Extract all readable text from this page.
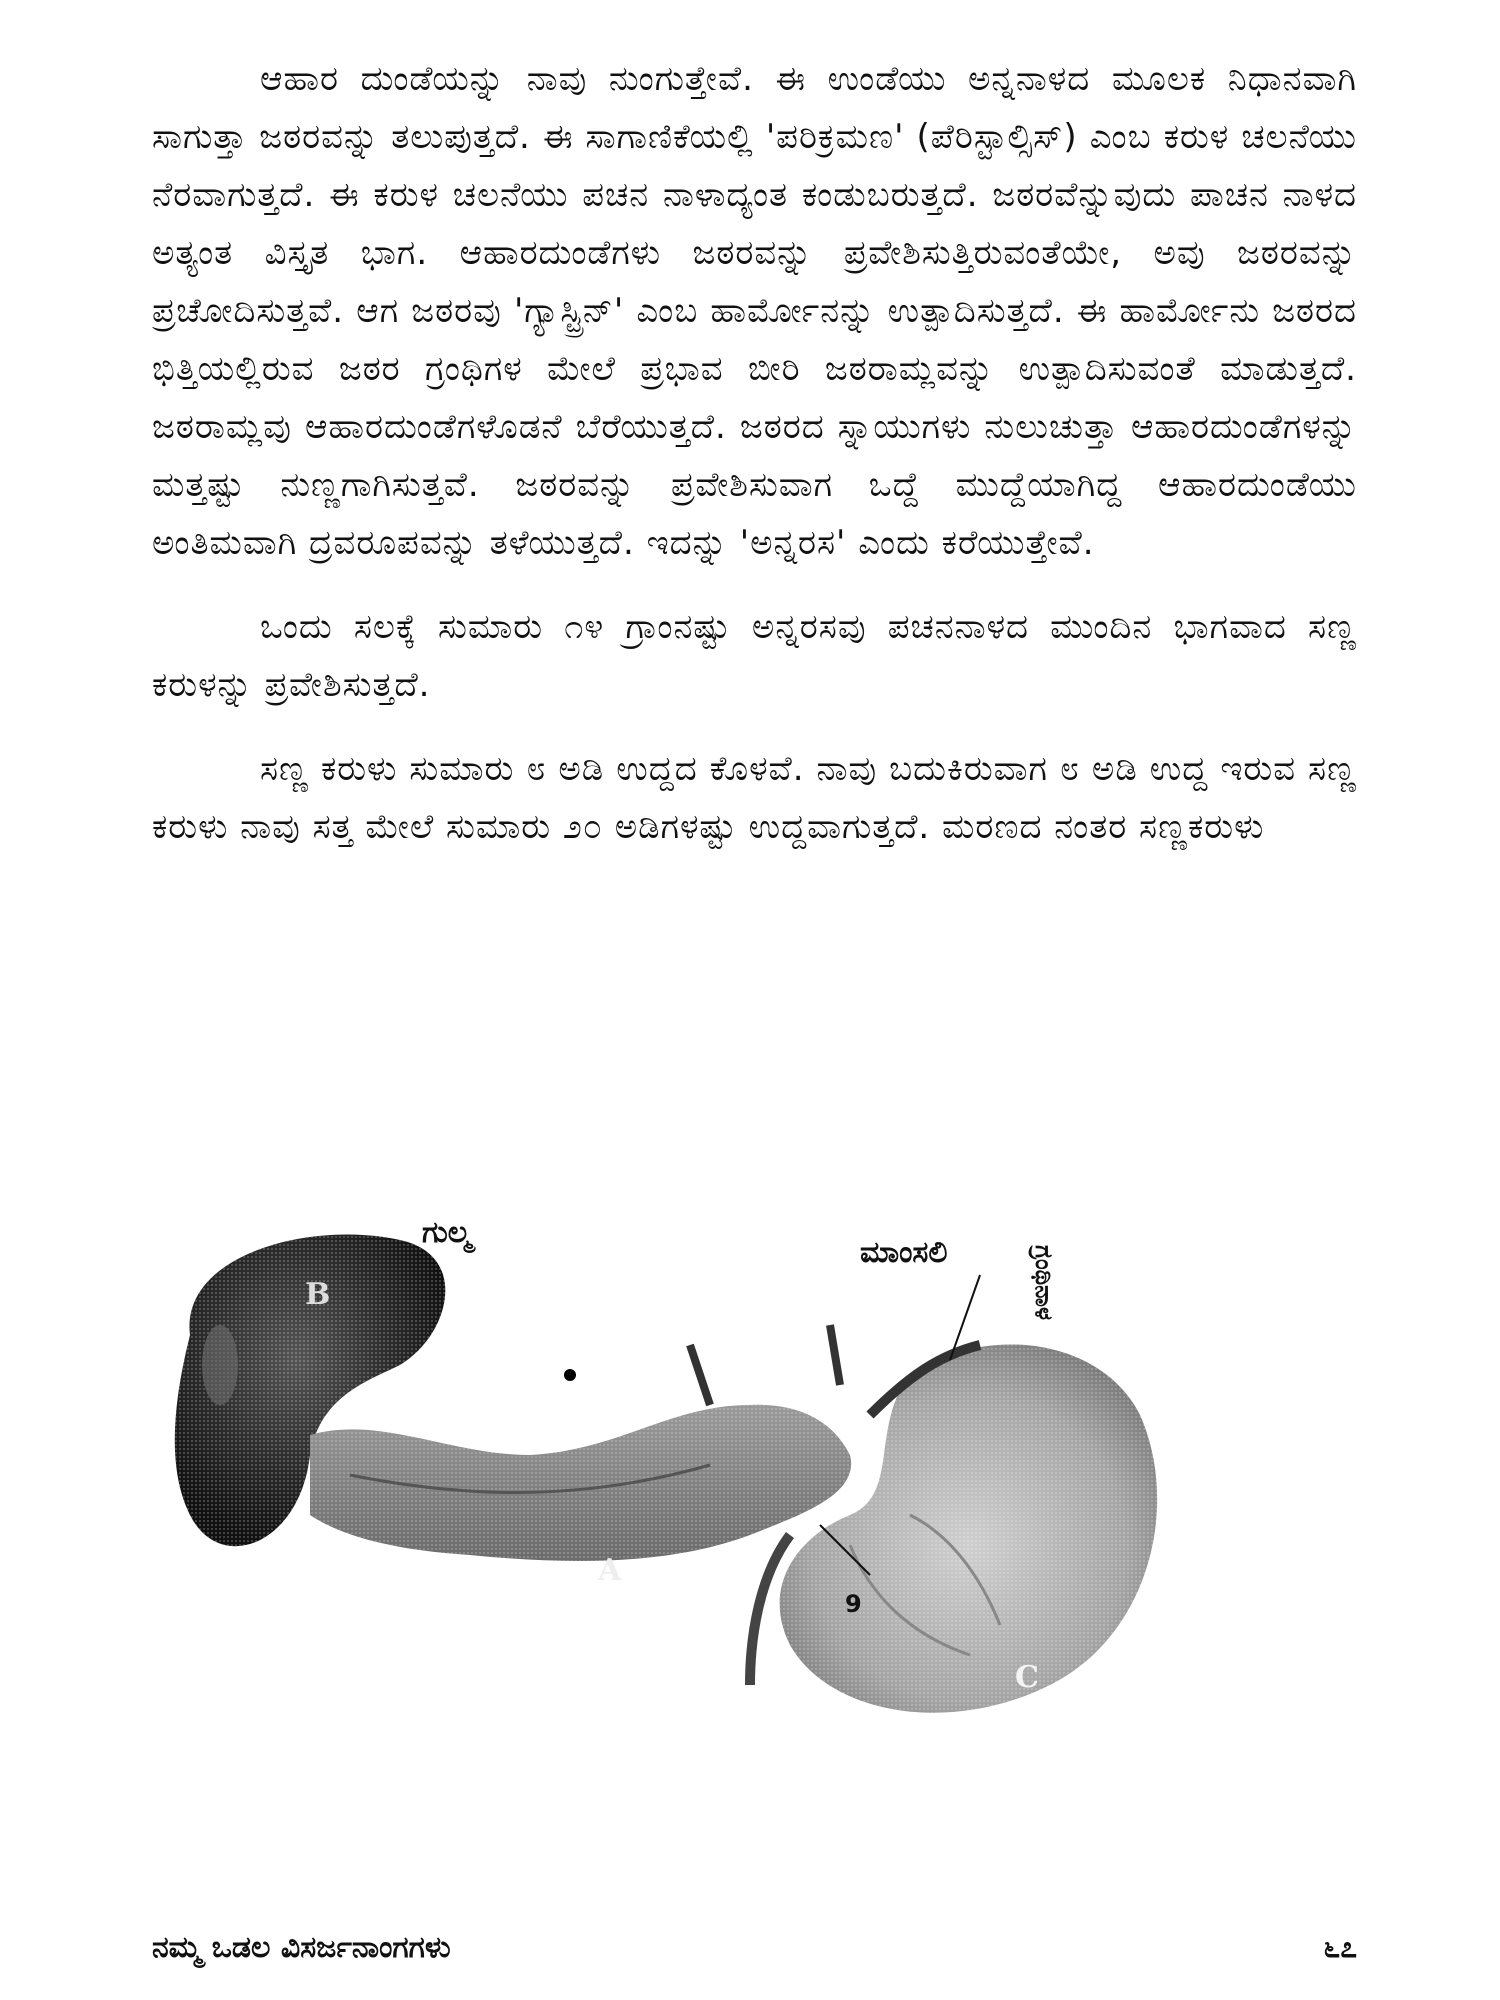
ಆಹಾರ ದುಂಡೆಯನ್ನು ನಾವು ನುಂಗುತ್ತೇವೆ. ಈ ಉಂಡೆಯು ಅನ್ನನಾಳದ ಮೂಲಕ ನಿಧಾನವಾಗಿ ಸಾಗುತ್ತಾ ಜಠರವನ್ನು ತಲುಪುತ್ತದೆ. ಈ ಸಾಗಾಣಿಕೆಯಲ್ಲಿ 'ಪರಿಕ್ರಮಣ' (ಪೆರಿಸ್ಟಾಲ್ಸಿಸ್) ಎಂಬ ಕರುಳ ಚಲನೆಯು ನೆರವಾಗುತ್ತದೆ. ಈ ಕರುಳ ಚಲನೆಯು ಪಚನ ನಾಳಾದ್ಯಂತ ಕಂಡುಬರುತ್ತದೆ. ಜಠರವೆನ್ನುವುದು ಪಾಚನ ನಾಳದ ಅತ್ಯಂತ ವಿಸ್ತೃತ ಭಾಗ. ಆಹಾರದುಂಡೆಗಳು ಜಠರವನ್ನು ಪ್ರವೇಶಿಸುತ್ತಿರುವಂತೆಯೇ, ಅವು ಜಠರವನ್ನು ಪ್ರಚೋದಿಸುತ್ತವೆ. ಆಗ ಜಠರವು 'ಗ್ಯಾಸ್ಟ್ರಿನ್' ಎಂಬ ಹಾರ್ಮೋನನ್ನು ಉತ್ಪಾದಿಸುತ್ತದೆ. ಈ ಹಾರ್ಮೋನು ಜಠರದ ಭಿತ್ತಿಯಲ್ಲಿರುವ ಜಠರ ಗ್ರಂಥಿಗಳ ಮೇಲೆ ಪ್ರಭಾವ ಬೀರಿ ಜಠರಾಮ್ಲವನ್ನು ಉತ್ಪಾದಿಸುವಂತೆ ಮಾಡುತ್ತದೆ. ಜಠರಾಮ್ಲವು ಆಹಾರದುಂಡೆಗಳೊಡನೆ ಬೆರೆಯುತ್ತದೆ. ಜಠರದ ಸ್ನಾಯುಗಳು ನುಲುಚುತ್ತಾ ಆಹಾರದುಂಡೆಗಳನ್ನು ಮತ್ತಷ್ಟು ನುಣ್ಣಗಾಗಿಸುತ್ತವೆ. ಜಠರವನ್ನು ಪ್ರವೇಶಿಸುವಾಗ ಒದ್ದೆ ಮುದ್ದೆಯಾಗಿದ್ದ ಆಹಾರದುಂಡೆಯು ಅಂತಿಮವಾಗಿ ದ್ರವರೂಪವನ್ನು ತಳೆಯುತ್ತದೆ. ಇದನ್ನು 'ಅನ್ನರಸ' ಎಂದು ಕರೆಯುತ್ತೇವೆ.

ಒಂದು ಸಲಕ್ಕೆ ಸುಮಾರು ೧೪ ಗ್ರಾಂನಷ್ಟು ಅನ್ನರಸವು ಪಚನನಾಳದ ಮುಂದಿನ ಭಾಗವಾದ ಸಣ್ಣ ಕರುಳನ್ನು ಪ್ರವೇಶಿಸುತ್ತದೆ.

ಸಣ್ಣ ಕರುಳು ಸುಮಾರು ೮ ಅಡಿ ಉದ್ದದ ಕೊಳವೆ. ನಾವು ಬದುಕಿರುವಾಗ ೮ ಅಡಿ ಉದ್ದ ಇರುವ ಸಣ್ಣ ಕರುಳು ನಾವು ಸತ್ತ ಮೇಲೆ ಸುಮಾರು ೨೦ ಅಡಿಗಳಷ್ಟು ಉದ್ದವಾಗುತ್ತದೆ. ಮರಣದ ನಂತರ ಸಣ್ಣಕರುಳು

ಗುಲ್ಮ
ಮಾಂಸಲಿ	ಗ್ರಂಥಿನಾಳ
B
A
C
9
ನಮ್ಮ ಒಡಲ ವಿಸರ್ಜನಾಂಗಗಳು	೬೭
